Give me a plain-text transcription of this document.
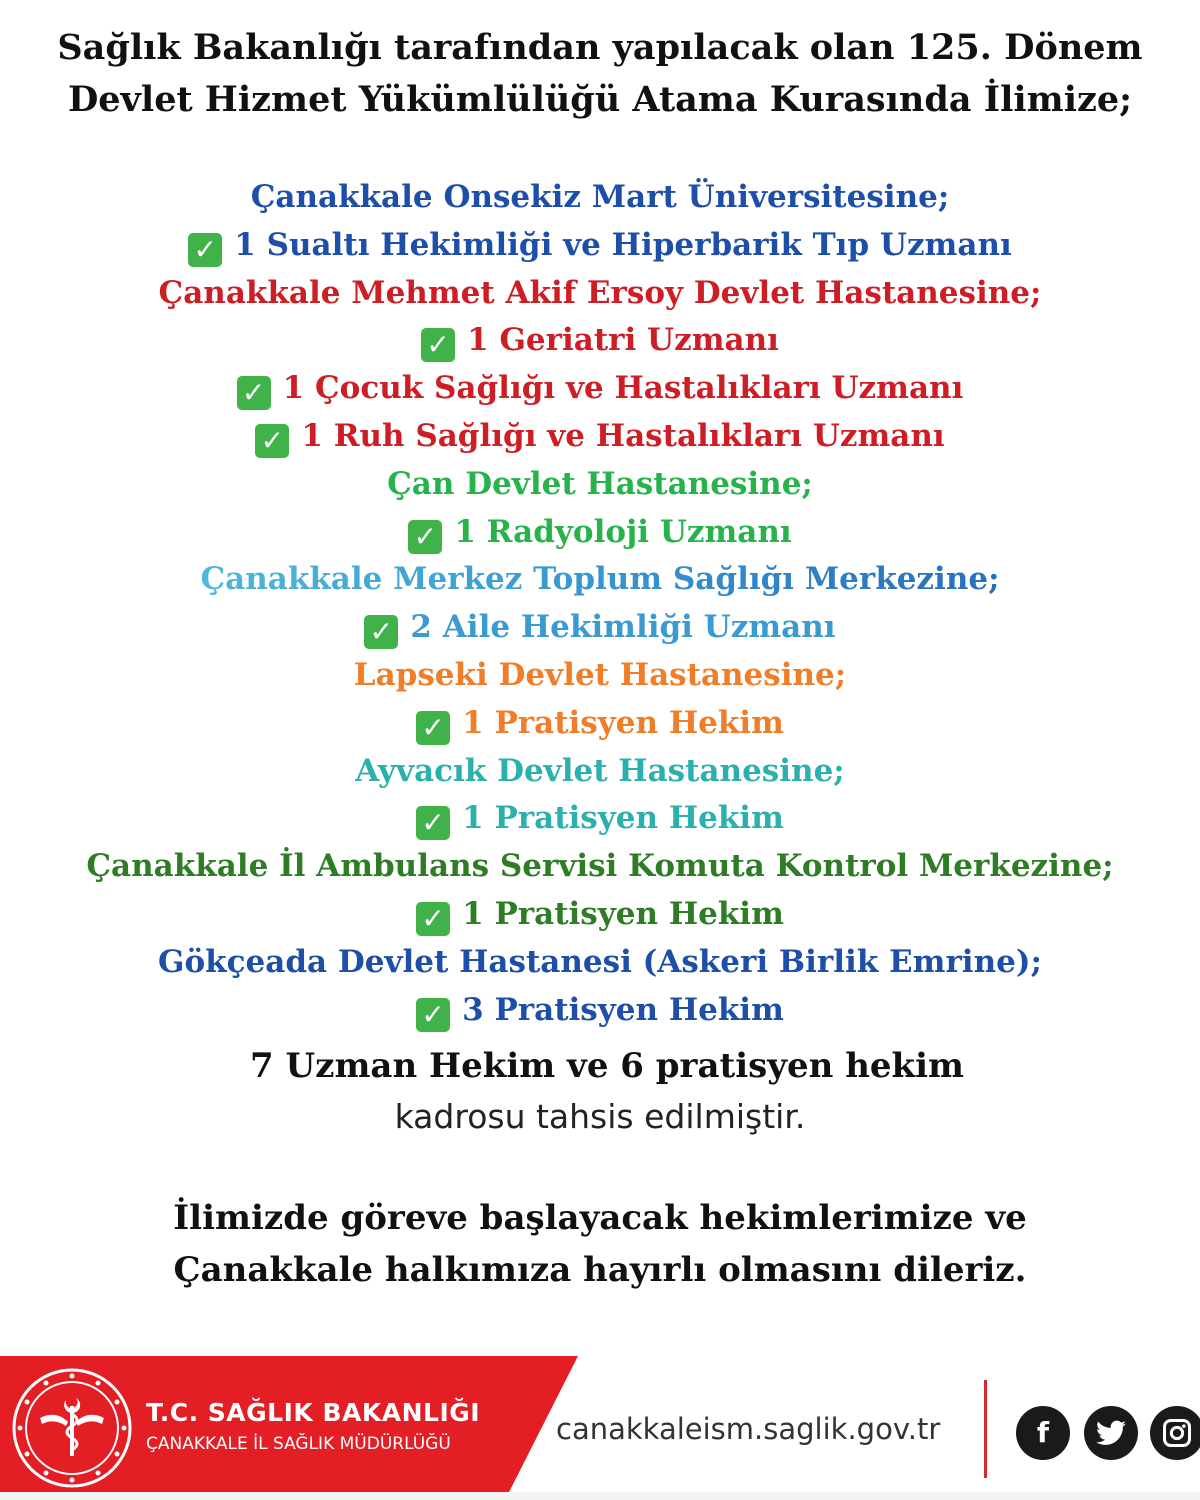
Sağlık Bakanlığı tarafından yapılacak olan 125. Dönem
Devlet Hizmet Yükümlülüğü Atama Kurasında İlimize;
Çanakkale Onsekiz Mart Üniversitesine;
✓ 1 Sualtı Hekimliği ve Hiperbarik Tıp Uzmanı
Çanakkale Mehmet Akif Ersoy Devlet Hastanesine;
✓ 1 Geriatri Uzmanı
✓ 1 Çocuk Sağlığı ve Hastalıkları Uzmanı
✓ 1 Ruh Sağlığı ve Hastalıkları Uzmanı
Çan Devlet Hastanesine;
✓ 1 Radyoloji Uzmanı
Çanakkale Merkez Toplum Sağlığı Merkezine;
✓ 2 Aile Hekimliği Uzmanı
Lapseki Devlet Hastanesine;
✓ 1 Pratisyen Hekim
Ayvacık Devlet Hastanesine;
✓ 1 Pratisyen Hekim
Çanakkale İl Ambulans Servisi Komuta Kontrol Merkezine;
✓ 1 Pratisyen Hekim
Gökçeada Devlet Hastanesi (Askeri Birlik Emrine);
✓ 3 Pratisyen Hekim
7 Uzman Hekim ve 6 pratisyen hekim
kadrosu tahsis edilmiştir.
İlimizde göreve başlayacak hekimlerimize ve
Çanakkale halkımıza hayırlı olmasını dileriz.
T.C. SAĞLIK BAKANLIĞI
ÇANAKKALE İL SAĞLIK MÜDÜRLÜĞÜ	canakkaleism.saglik.gov.tr	f
